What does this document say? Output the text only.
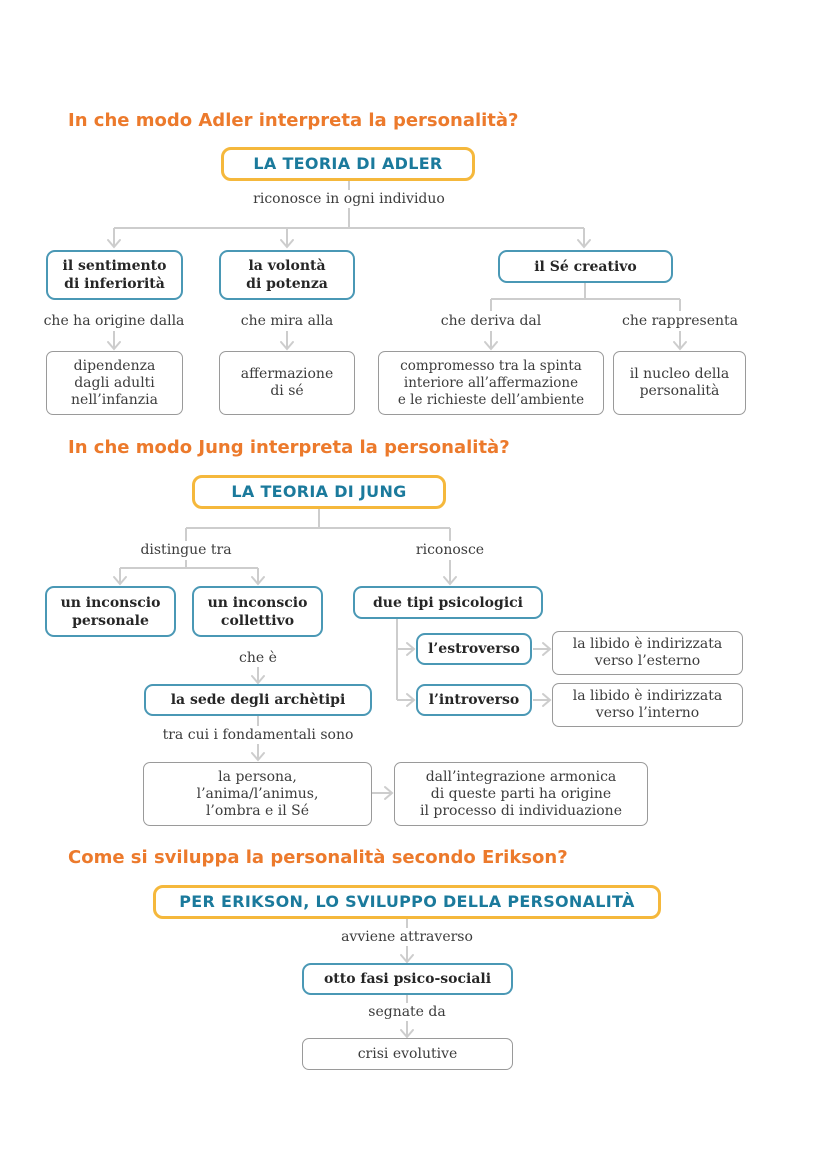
In che modo Adler interpreta la personalità?
LA TEORIA DI ADLER
riconosce in ogni individuo
il sentimento
di inferiorità
la volontà
di potenza
il Sé creativo
che ha origine dalla	che mira alla	che deriva dal	che rappresenta
dipendenza
dagli adulti
nell’infanzia
affermazione
di sé
compromesso tra la spinta
interiore all’affermazione
e le richieste dell’ambiente
il nucleo della
personalità
In che modo Jung interpreta la personalità?
LA TEORIA DI JUNG
distingue tra	riconosce
un inconscio
personale
un inconscio
collettivo
due tipi psicologici
che è
la sede degli archètipi
l’estroverso
l’introverso
la libido è indirizzata
verso l’esterno
la libido è indirizzata
verso l’interno
tra cui i fondamentali sono
la persona,
l’anima/l’animus,
l’ombra e il Sé
dall’integrazione armonica
di queste parti ha origine
il processo di individuazione
Come si sviluppa la personalità secondo Erikson?
PER ERIKSON, LO SVILUPPO DELLA PERSONALITÀ
avviene attraverso
otto fasi psico-sociali
segnate da
crisi evolutive
